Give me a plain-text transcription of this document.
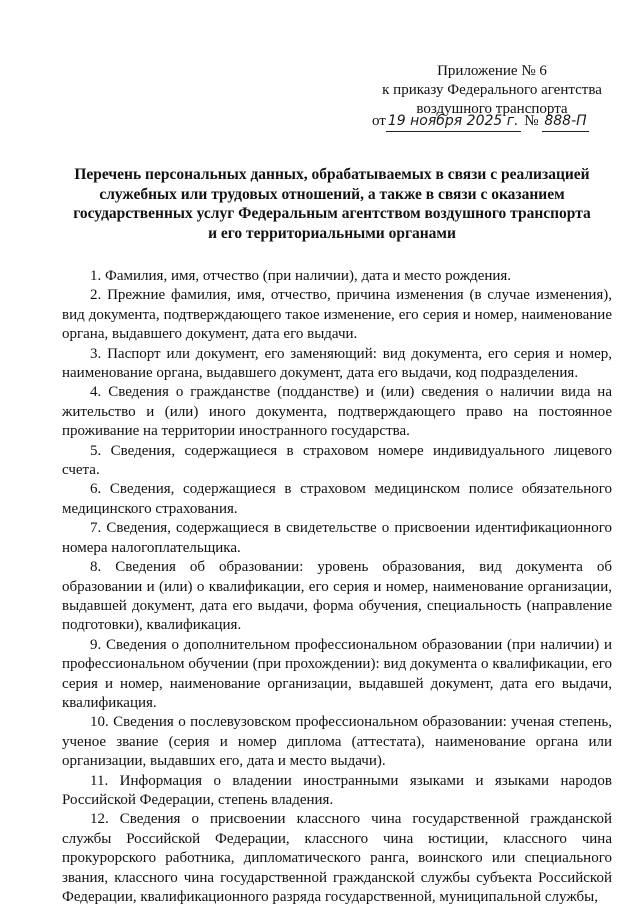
Приложение № 6
к приказу Федерального агентства
воздушного транспорта
от 19 ноября 2025 г. № 888-П
Перечень персональных данных, обрабатываемых в связи с реализацией
служебных или трудовых отношений, а также в связи с оказанием
государственных услуг Федеральным агентством воздушного транспорта
и его территориальными органами

1. Фамилия, имя, отчество (при наличии), дата и место рождения.

2. Прежние фамилия, имя, отчество, причина изменения (в случае изменения), вид документа, подтверждающего такое изменение, его серия и номер, наименование органа, выдавшего документ, дата его выдачи.

3. Паспорт или документ, его заменяющий: вид документа, его серия и номер, наименование органа, выдавшего документ, дата его выдачи, код подразделения.

4. Сведения о гражданстве (подданстве) и (или) сведения о наличии вида на жительство и (или) иного документа, подтверждающего право на постоянное проживание на территории иностранного государства.

5. Сведения, содержащиеся в страховом номере индивидуального лицевого счета.

6. Сведения, содержащиеся в страховом медицинском полисе обязательного медицинского страхования.

7. Сведения, содержащиеся в свидетельстве о присвоении идентификационного номера налогоплательщика.

8. Сведения об образовании: уровень образования, вид документа об образовании и (или) о квалификации, его серия и номер, наименование организации, выдавшей документ, дата его выдачи, форма обучения, специальность (направление подготовки), квалификация.

9. Сведения о дополнительном профессиональном образовании (при наличии) и профессиональном обучении (при прохождении): вид документа о квалификации, его серия и номер, наименование организации, выдавшей документ, дата его выдачи, квалификация.

10. Сведения о послевузовском профессиональном образовании: ученая степень, ученое звание (серия и номер диплома (аттестата), наименование органа или организации, выдавших его, дата и место выдачи).

11. Информация о владении иностранными языками и языками народов Российской Федерации, степень владения.

12. Сведения о присвоении классного чина государственной гражданской службы Российской Федерации, классного чина юстиции, классного чина прокурорского работника, дипломатического ранга, воинского или специального звания, классного чина государственной гражданской службы субъекта Российской Федерации, квалификационного разряда государственной, муниципальной службы,
